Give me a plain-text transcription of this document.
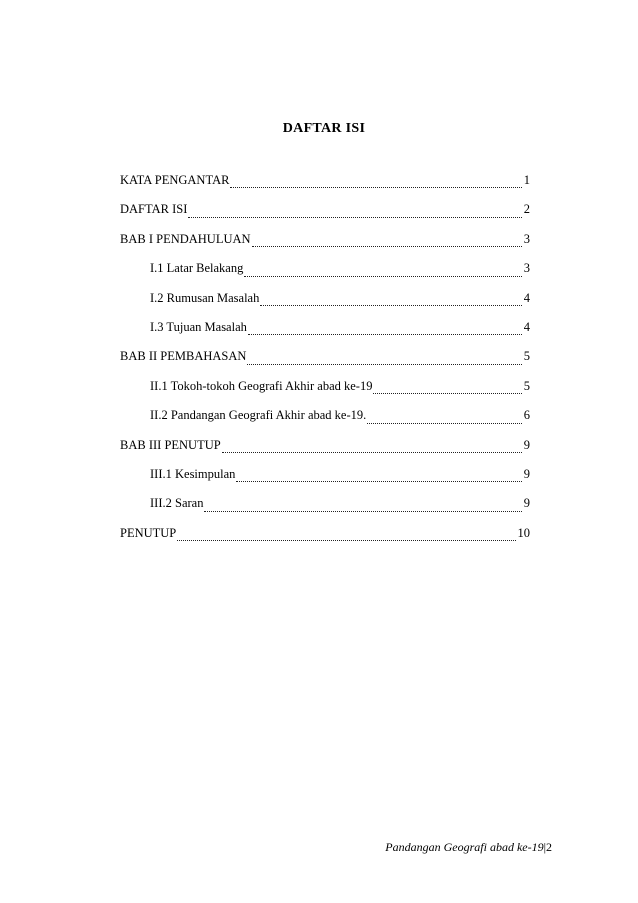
DAFTAR ISI
KATA PENGANTAR	1
DAFTAR ISI	2
BAB I PENDAHULUAN	3
I.1 Latar Belakang	3
I.2 Rumusan Masalah	4
I.3 Tujuan Masalah	4
BAB II PEMBAHASAN	5
II.1 Tokoh-tokoh Geografi Akhir abad ke-19	5
II.2 Pandangan Geografi Akhir abad ke-19.	6
BAB III PENUTUP	9
III.1 Kesimpulan	9
III.2 Saran	9
PENUTUP	10
Pandangan Geografi abad ke-19|2
